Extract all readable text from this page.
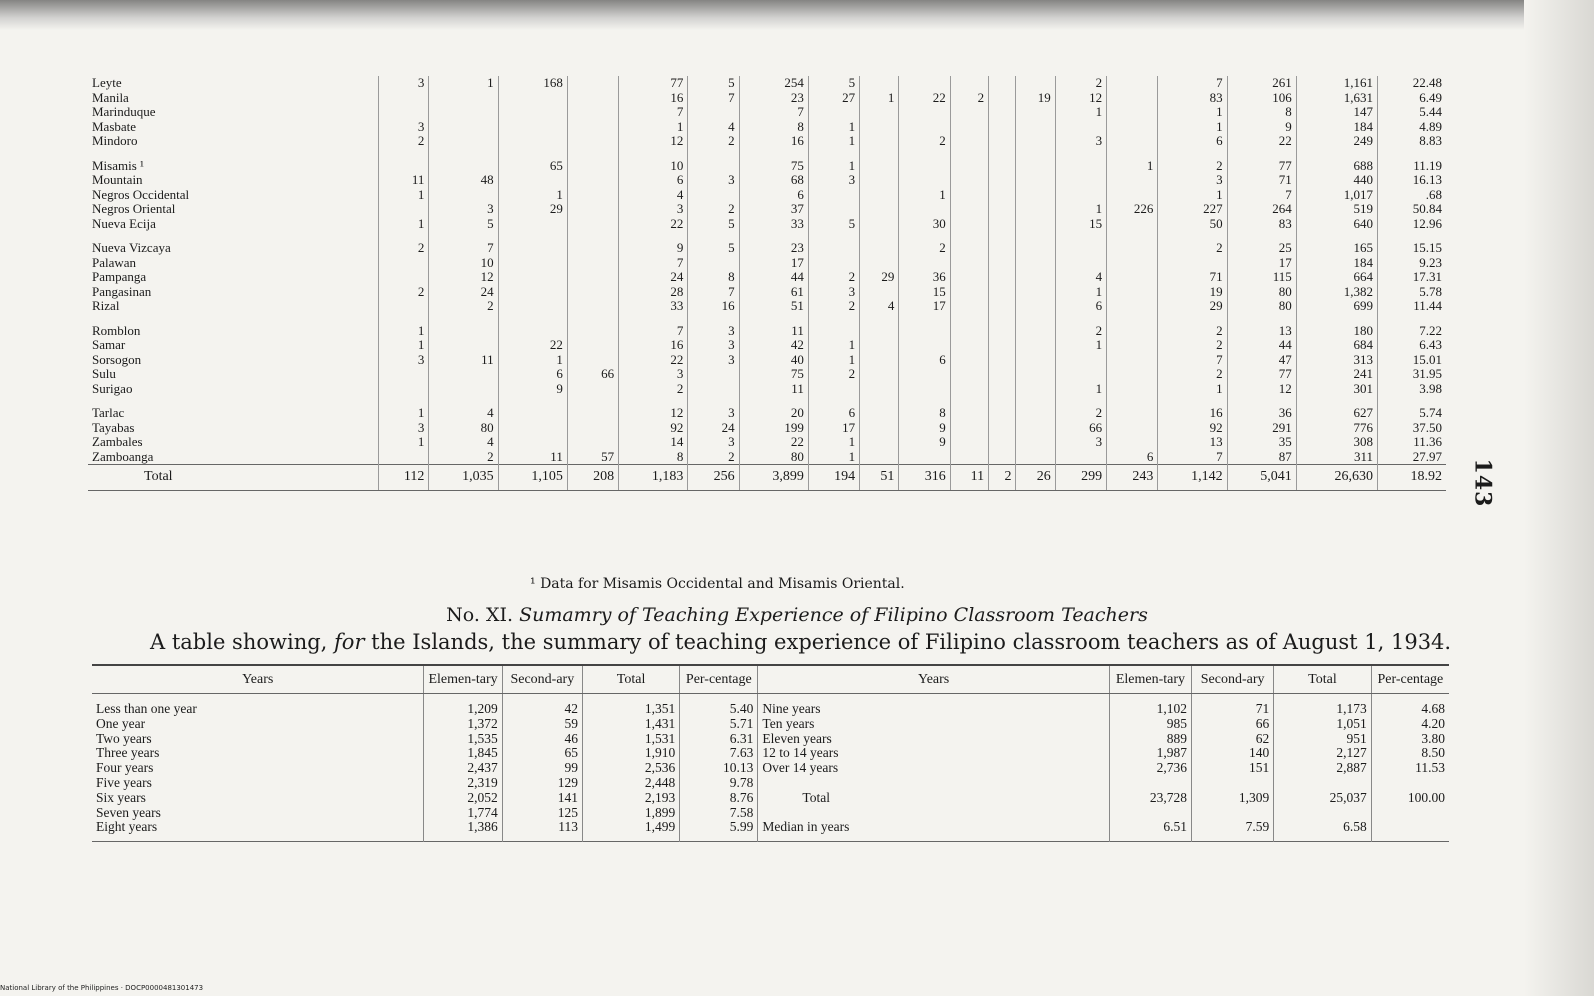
143
Leyte	3	1	168		77	5	254	5						2		7	261	1,161	22.48
Manila					16	7	23	27	1	22	2		19	12		83	106	1,631	6.49
Marinduque					7		7							1		1	8	147	5.44
Masbate	3				1	4	8	1								1	9	184	4.89
Mindoro	2				12	2	16	1		2				3		6	22	249	8.83

Misamis ¹			65		10		75	1							1	2	77	688	11.19
Mountain	11	48			6	3	68	3								3	71	440	16.13
Negros Occidental	1		1		4		6			1						1	7	1,017	.68
Negros Oriental		3	29		3	2	37							1	226	227	264	519	50.84
Nueva Ecija	1	5			22	5	33	5		30				15		50	83	640	12.96

Nueva Vizcaya	2	7			9	5	23			2						2	25	165	15.15
Palawan		10			7		17										17	184	9.23
Pampanga		12			24	8	44	2	29	36				4		71	115	664	17.31
Pangasinan	2	24			28	7	61	3		15				1		19	80	1,382	5.78
Rizal		2			33	16	51	2	4	17				6		29	80	699	11.44

Romblon	1				7	3	11							2		2	13	180	7.22
Samar	1		22		16	3	42	1						1		2	44	684	6.43
Sorsogon	3	11	1		22	3	40	1		6						7	47	313	15.01
Sulu			6	66	3		75	2								2	77	241	31.95
Surigao			9		2		11							1		1	12	301	3.98

Tarlac	1	4			12	3	20	6		8				2		16	36	627	5.74
Tayabas	3	80			92	24	199	17		9				66		92	291	776	37.50
Zambales	1	4			14	3	22	1		9				3		13	35	308	11.36
Zamboanga		2	11	57	8	2	80	1							6	7	87	311	27.97
Total	112	1,035	1,105	208	1,183	256	3,899	194	51	316	11	2	26	299	243	1,142	5,041	26,630	18.92
¹ Data for Misamis Occidental and Misamis Oriental.
No. XI. Sumamry of Teaching Experience of Filipino Classroom Teachers
A table showing, for the Islands, the summary of teaching experience of Filipino classroom teachers as of August 1, 1934.
Years	Elemen-tary	Second-ary	Total	Per-centage	Years	Elemen-tary	Second-ary	Total	Per-centage
Less than one year	1,209	42	1,351	5.40	Nine years	1,102	71	1,173	4.68
One year	1,372	59	1,431	5.71	Ten years	985	66	1,051	4.20
Two years	1,535	46	1,531	6.31	Eleven years	889	62	951	3.80
Three years	1,845	65	1,910	7.63	12 to 14 years	1,987	140	2,127	8.50
Four years	2,437	99	2,536	10.13	Over 14 years	2,736	151	2,887	11.53
Five years	2,319	129	2,448	9.78					
Six years	2,052	141	2,193	8.76	Total	23,728	1,309	25,037	100.00
Seven years	1,774	125	1,899	7.58					
Eight years	1,386	113	1,499	5.99	Median in years	6.51	7.59	6.58	
National Library of the Philippines · DOCP0000481301473
